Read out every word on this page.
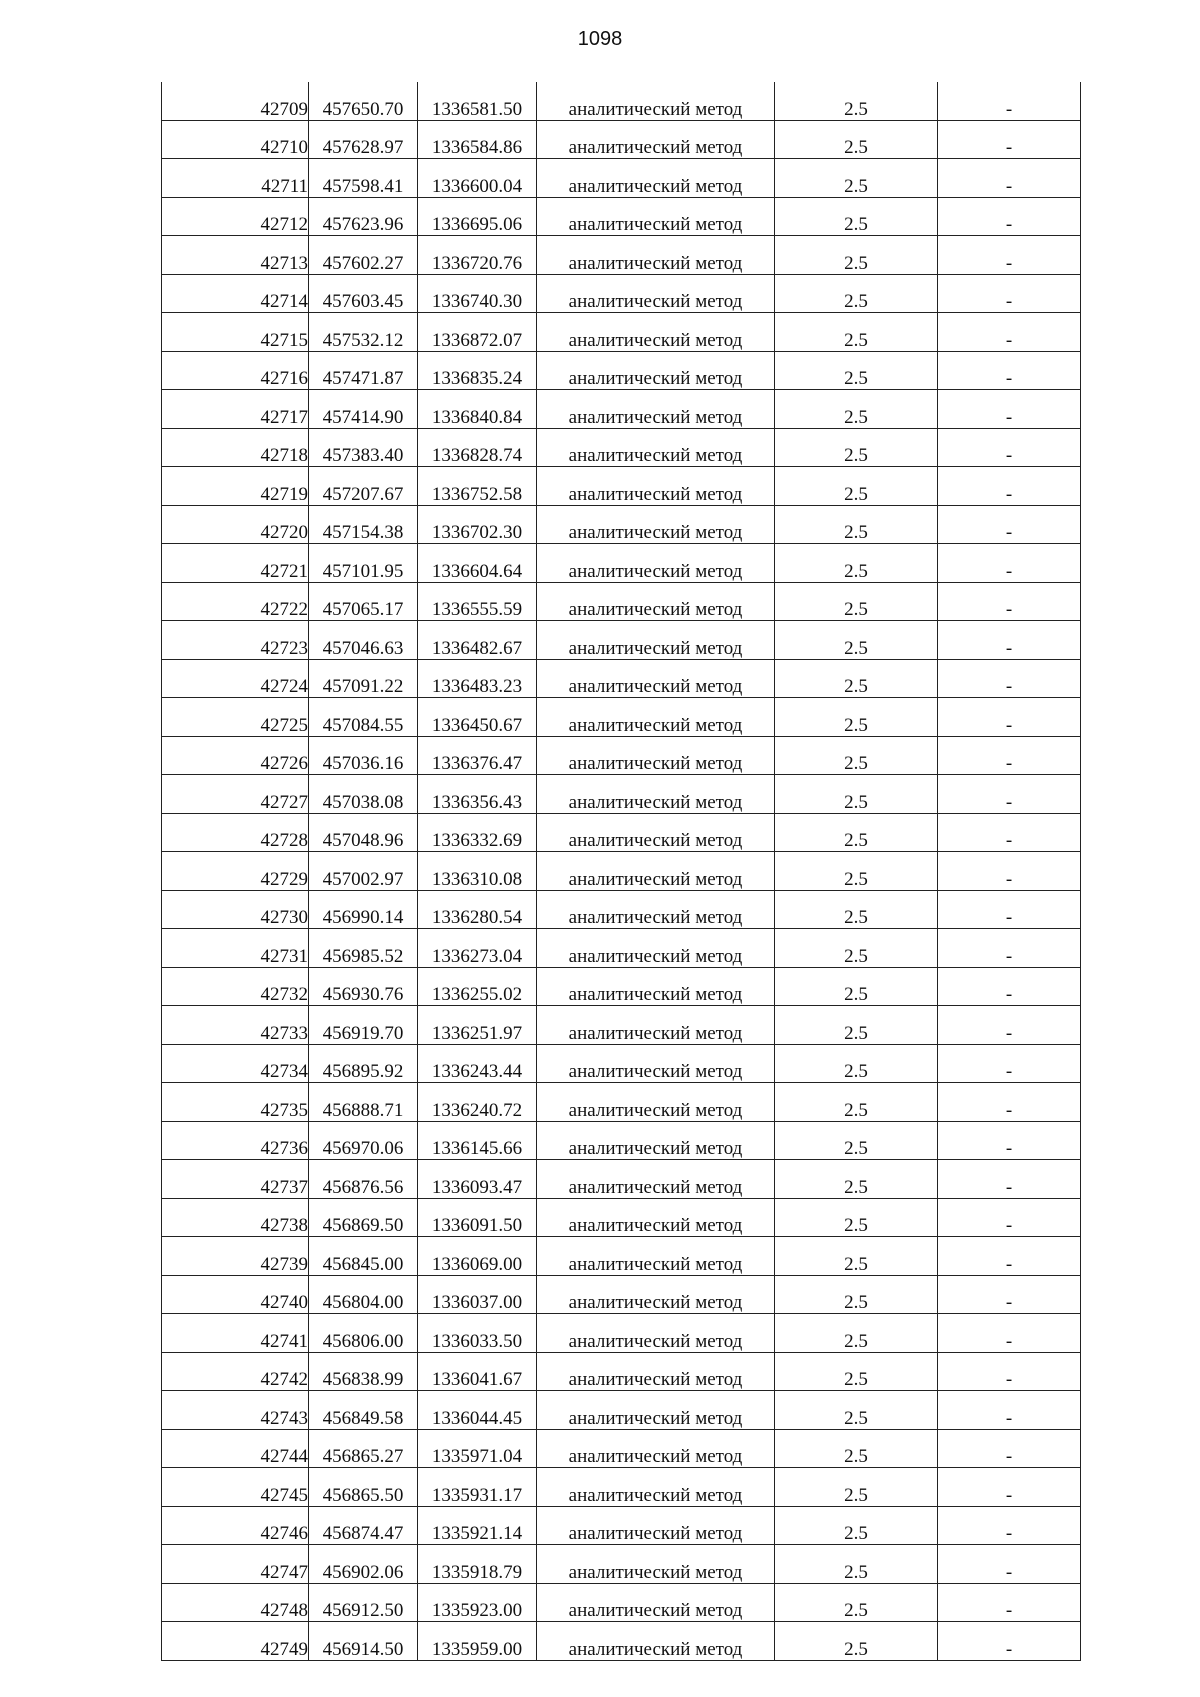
1098
42709	457650.70	1336581.50	аналитический метод	2.5	-
42710	457628.97	1336584.86	аналитический метод	2.5	-
42711	457598.41	1336600.04	аналитический метод	2.5	-
42712	457623.96	1336695.06	аналитический метод	2.5	-
42713	457602.27	1336720.76	аналитический метод	2.5	-
42714	457603.45	1336740.30	аналитический метод	2.5	-
42715	457532.12	1336872.07	аналитический метод	2.5	-
42716	457471.87	1336835.24	аналитический метод	2.5	-
42717	457414.90	1336840.84	аналитический метод	2.5	-
42718	457383.40	1336828.74	аналитический метод	2.5	-
42719	457207.67	1336752.58	аналитический метод	2.5	-
42720	457154.38	1336702.30	аналитический метод	2.5	-
42721	457101.95	1336604.64	аналитический метод	2.5	-
42722	457065.17	1336555.59	аналитический метод	2.5	-
42723	457046.63	1336482.67	аналитический метод	2.5	-
42724	457091.22	1336483.23	аналитический метод	2.5	-
42725	457084.55	1336450.67	аналитический метод	2.5	-
42726	457036.16	1336376.47	аналитический метод	2.5	-
42727	457038.08	1336356.43	аналитический метод	2.5	-
42728	457048.96	1336332.69	аналитический метод	2.5	-
42729	457002.97	1336310.08	аналитический метод	2.5	-
42730	456990.14	1336280.54	аналитический метод	2.5	-
42731	456985.52	1336273.04	аналитический метод	2.5	-
42732	456930.76	1336255.02	аналитический метод	2.5	-
42733	456919.70	1336251.97	аналитический метод	2.5	-
42734	456895.92	1336243.44	аналитический метод	2.5	-
42735	456888.71	1336240.72	аналитический метод	2.5	-
42736	456970.06	1336145.66	аналитический метод	2.5	-
42737	456876.56	1336093.47	аналитический метод	2.5	-
42738	456869.50	1336091.50	аналитический метод	2.5	-
42739	456845.00	1336069.00	аналитический метод	2.5	-
42740	456804.00	1336037.00	аналитический метод	2.5	-
42741	456806.00	1336033.50	аналитический метод	2.5	-
42742	456838.99	1336041.67	аналитический метод	2.5	-
42743	456849.58	1336044.45	аналитический метод	2.5	-
42744	456865.27	1335971.04	аналитический метод	2.5	-
42745	456865.50	1335931.17	аналитический метод	2.5	-
42746	456874.47	1335921.14	аналитический метод	2.5	-
42747	456902.06	1335918.79	аналитический метод	2.5	-
42748	456912.50	1335923.00	аналитический метод	2.5	-
42749	456914.50	1335959.00	аналитический метод	2.5	-
